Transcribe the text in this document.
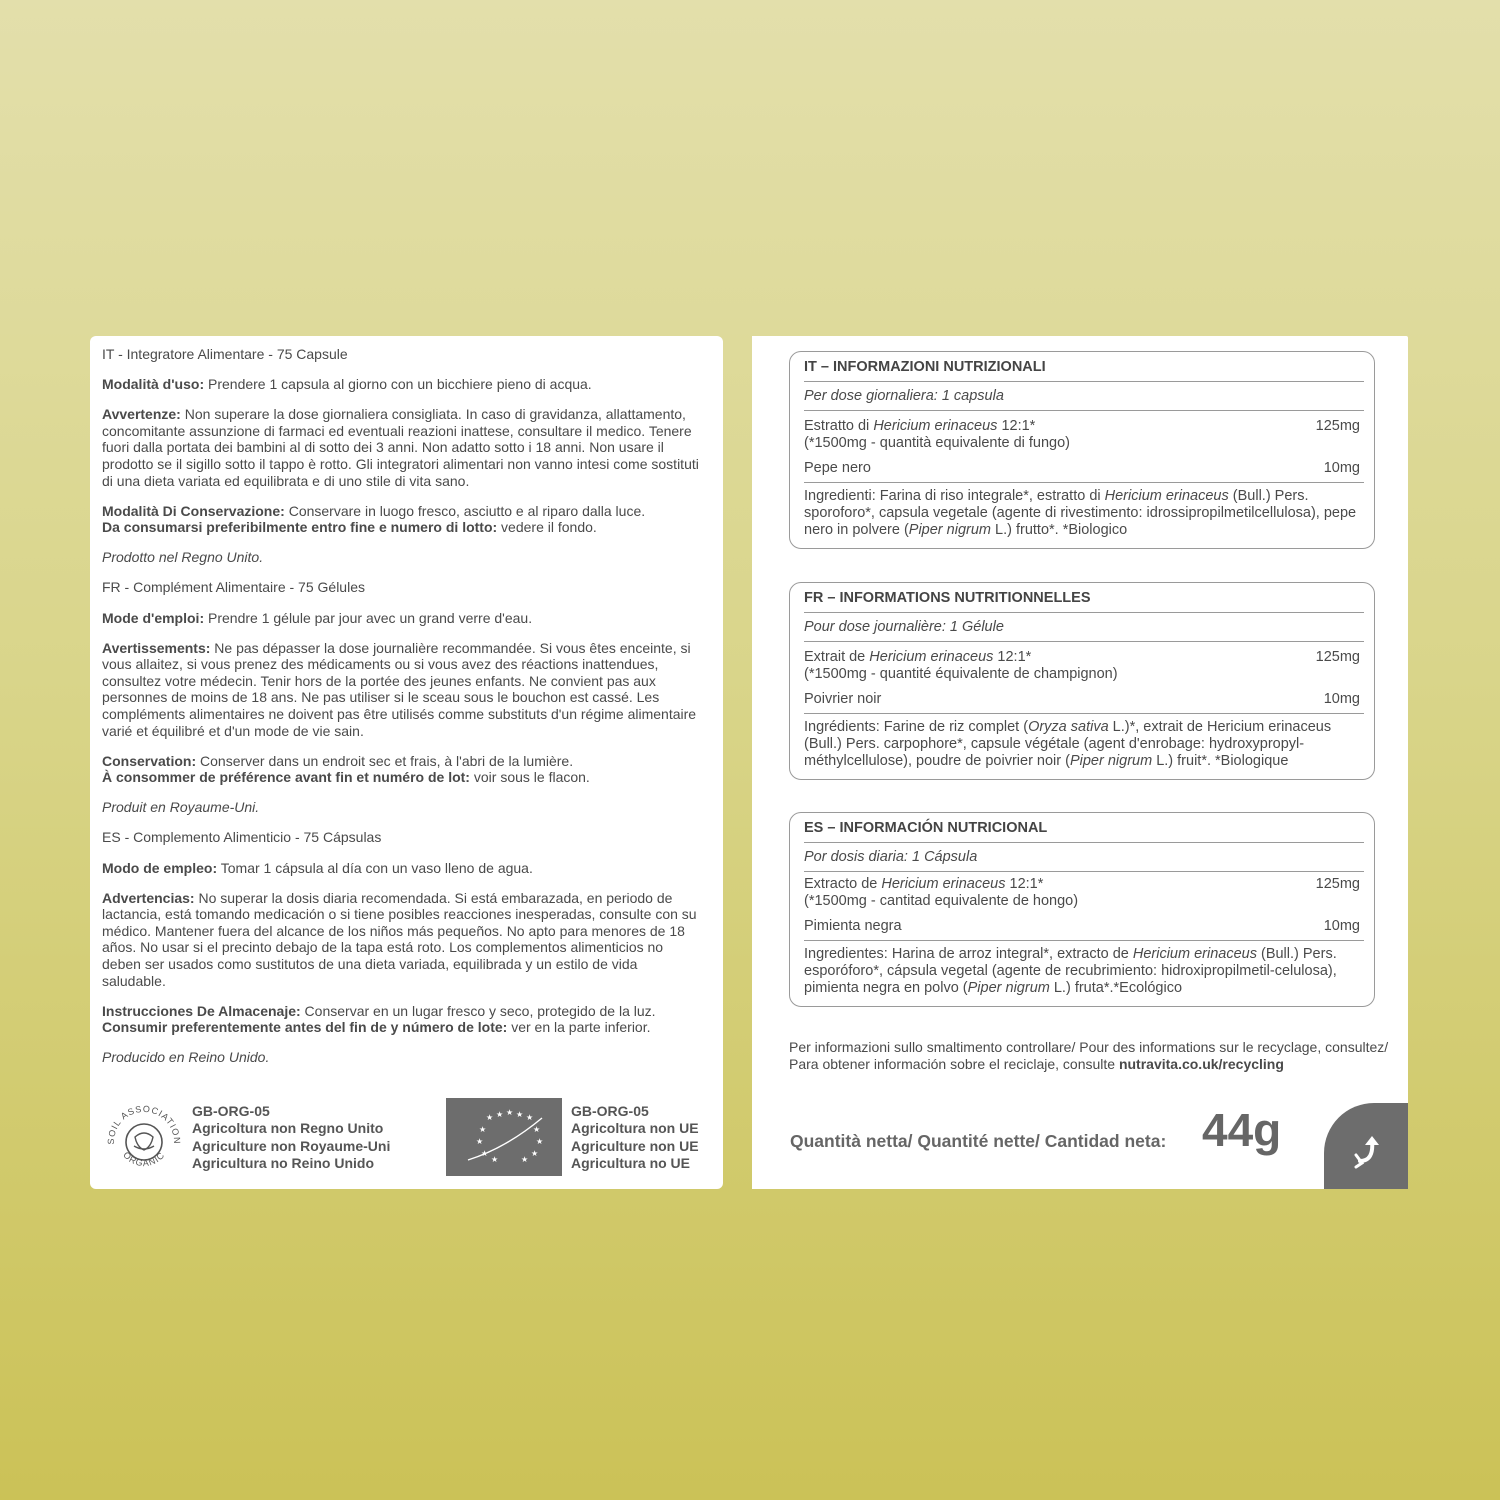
IT - Integratore Alimentare - 75 Capsule

Modalità d'uso: Prendere 1 capsula al giorno con un bicchiere pieno di acqua.

Avvertenze: Non superare la dose giornaliera consigliata. In caso di gravidanza, allattamento, concomitante assunzione di farmaci ed eventuali reazioni inattese, consultare il medico. Tenere fuori dalla portata dei bambini al di sotto dei 3 anni. Non adatto sotto i 18 anni. Non usare il prodotto se il sigillo sotto il tappo è rotto. Gli integratori alimentari non vanno intesi come sostituti di una dieta variata ed equilibrata e di uno stile di vita sano.

Modalità Di Conservazione: Conservare in luogo fresco, asciutto e al riparo dalla luce.
Da consumarsi preferibilmente entro fine e numero di lotto: vedere il fondo.

Prodotto nel Regno Unito.

FR - Complément Alimentaire - 75 Gélules

Mode d'emploi: Prendre 1 gélule par jour avec un grand verre d'eau.

Avertissements: Ne pas dépasser la dose journalière recommandée. Si vous êtes enceinte, si vous allaitez, si vous prenez des médicaments ou si vous avez des réactions inattendues, consultez votre médecin. Tenir hors de la portée des jeunes enfants. Ne convient pas aux personnes de moins de 18 ans. Ne pas utiliser si le sceau sous le bouchon est cassé. Les compléments alimentaires ne doivent pas être utilisés comme substituts d'un régime alimentaire varié et équilibré et d'un mode de vie sain.

Conservation: Conserver dans un endroit sec et frais, à l'abri de la lumière.
À consommer de préférence avant fin et numéro de lot: voir sous le flacon.

Produit en Royaume-Uni.

ES - Complemento Alimenticio - 75 Cápsulas

Modo de empleo: Tomar 1 cápsula al día con un vaso lleno de agua.

Advertencias: No superar la dosis diaria recomendada. Si está embarazada, en periodo de lactancia, está tomando medicación o si tiene posibles reacciones inesperadas, consulte con su médico. Mantener fuera del alcance de los niños más pequeños. No apto para menores de 18 años. No usar si el precinto debajo de la tapa está roto. Los complementos alimenticios no deben ser usados como sustitutos de una dieta variada, equilibrada y un estilo de vida saludable.

Instrucciones De Almacenaje: Conservar en un lugar fresco y seco, protegido de la luz.
Consumir preferentemente antes del fin de y número de lote: ver en la parte inferior.

Producido en Reino Unido.

SOIL ASSOCIATION
ORGANIC
GB-ORG-05
Agricoltura non Regno Unito
Agriculture non Royaume-Uni
Agricultura no Reino Unido
★ ★ ★ ★ ★
★	★
★	★
★	★
★	★
GB-ORG-05
Agricoltura non UE
Agriculture non UE
Agricultura no UE
IT – INFORMAZIONI NUTRIZIONALI
Per dose giornaliera: 1 capsula
Estratto di Hericium erinaceus 12:1*	125mg
(*1500mg - quantità equivalente di fungo)
Pepe nero	10mg
Ingredienti: Farina di riso integrale*, estratto di Hericium erinaceus (Bull.) Pers. sporoforo*, capsula vegetale (agente di rivestimento: idrossipropilmetilcellulosa), pepe nero in polvere (Piper nigrum L.) frutto*. *Biologico
FR – INFORMATIONS NUTRITIONNELLES
Pour dose journalière: 1 Gélule
Extrait de Hericium erinaceus 12:1*	125mg
(*1500mg - quantité équivalente de champignon)
Poivrier noir	10mg
Ingrédients: Farine de riz complet (Oryza sativa L.)*, extrait de Hericium erinaceus (Bull.) Pers. carpophore*, capsule végétale (agent d'enrobage: hydroxypropyl-méthylcellulose), poudre de poivrier noir (Piper nigrum L.) fruit*. *Biologique
ES – INFORMACIÓN NUTRICIONAL
Por dosis diaria: 1 Cápsula
Extracto de Hericium erinaceus 12:1*	125mg
(*1500mg - cantitad equivalente de hongo)
Pimienta negra	10mg
Ingredientes: Harina de arroz integral*, extracto de Hericium erinaceus (Bull.) Pers. esporóforo*, cápsula vegetal (agente de recubrimiento: hidroxipropilmetil-celulosa), pimienta negra en polvo (Piper nigrum L.) fruta*.*Ecológico
Per informazioni sullo smaltimento controllare/ Pour des informations sur le recyclage, consultez/ Para obtener información sobre el reciclaje, consulte nutravita.co.uk/recycling
Quantità netta/ Quantité nette/ Cantidad neta: 44g
